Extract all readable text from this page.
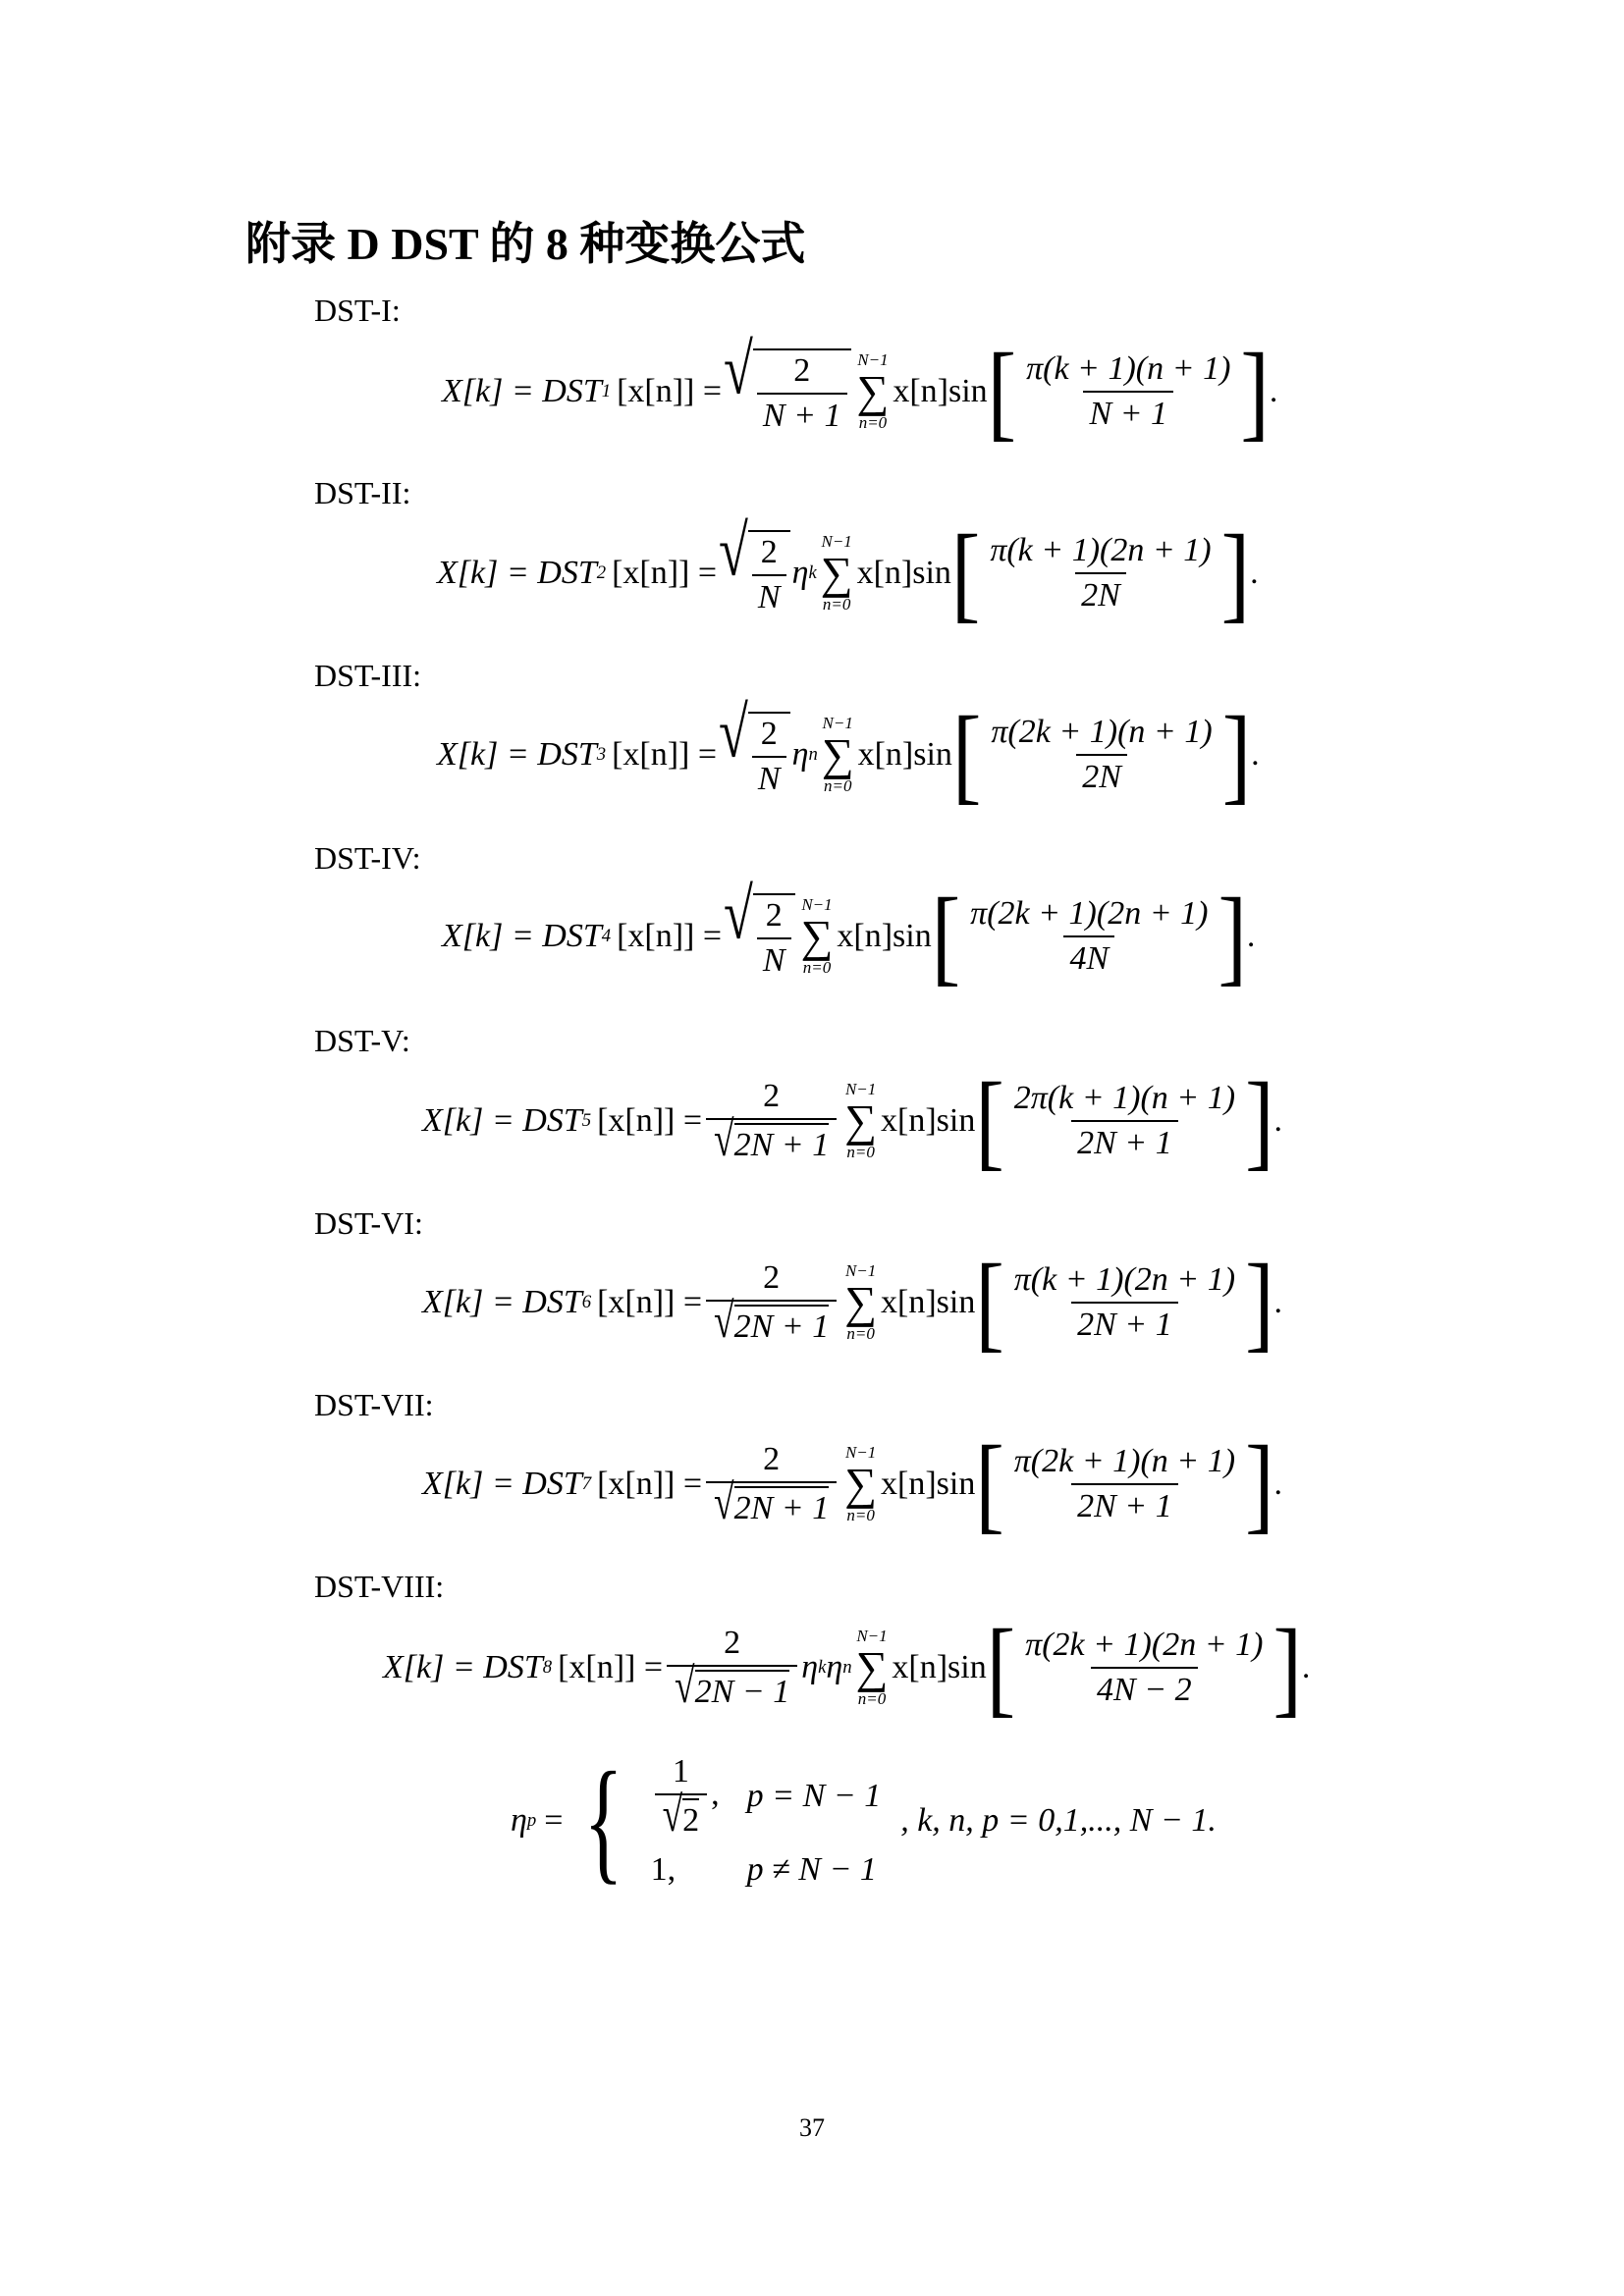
附录 D DST 的 8 种变换公式
DST-I:
X[k] = DST 1 [x[n]] = √ $\frac{2}{N + 1} N-1$
∑
n=0
x[n]sin [ $\frac{\pi(k + 1)(n + 1)}{N + 1}$ ] .
DST-II:
X[k] = DST 2 [x[n]] = √ $\frac{2}{N}$ η k
N−1
∑
n=0
x[n]sin [ $\frac{\pi(k + 1)(2n + 1)}{2N}$ ] .
DST-III:
X[k] = DST 3 [x[n]] = √ $\frac{2}{N}$ η n
N−1
∑
n=0
x[n]sin [ $\frac{\pi(2k + 1)(n + 1)}{2N}$ ] .
DST-IV:
X[k] = DST 4 [x[n]] = √ $\frac{2}{N} N-1$
∑
n=0
x[n]sin [ $\frac{\pi(2k + 1)(2n + 1)}{4N}$ ] .
DST-V:
X[k] = DST 5 $[x[n]] = \frac{2}{√ 2N + 1} N-1$
∑
n=0
x[n]sin [ $\frac{2\pi(k + 1)(n + 1)}{2N + 1}$ ] .
DST-VI:
X[k] = DST 6 $[x[n]] = \frac{2}{√ 2N + 1} N-1$
∑
n=0
x[n]sin [ $\frac{\pi(k + 1)(2n + 1)}{2N + 1}$ ] .
DST-VII:
X[k] = DST 7 $[x[n]] = \frac{2}{√ 2N + 1} N-1$
∑
n=0
x[n]sin [ $\frac{\pi(2k + 1)(n + 1)}{2N + 1}$ ] .
DST-VIII:
X[k] = DST 8 $[x[n]] = \frac{2}{√ 2N - 1}$ η k η n
N−1
∑
n=0
x[n]sin [ $\frac{\pi(2k + 1)(2n + 1)}{4N - 2}$ ] .
η p = { $\frac{1}{√ 2}$ ,	p = N − 1
1,	p ≠ N − 1
, k, n, p = 0,1,..., N − 1.
37
